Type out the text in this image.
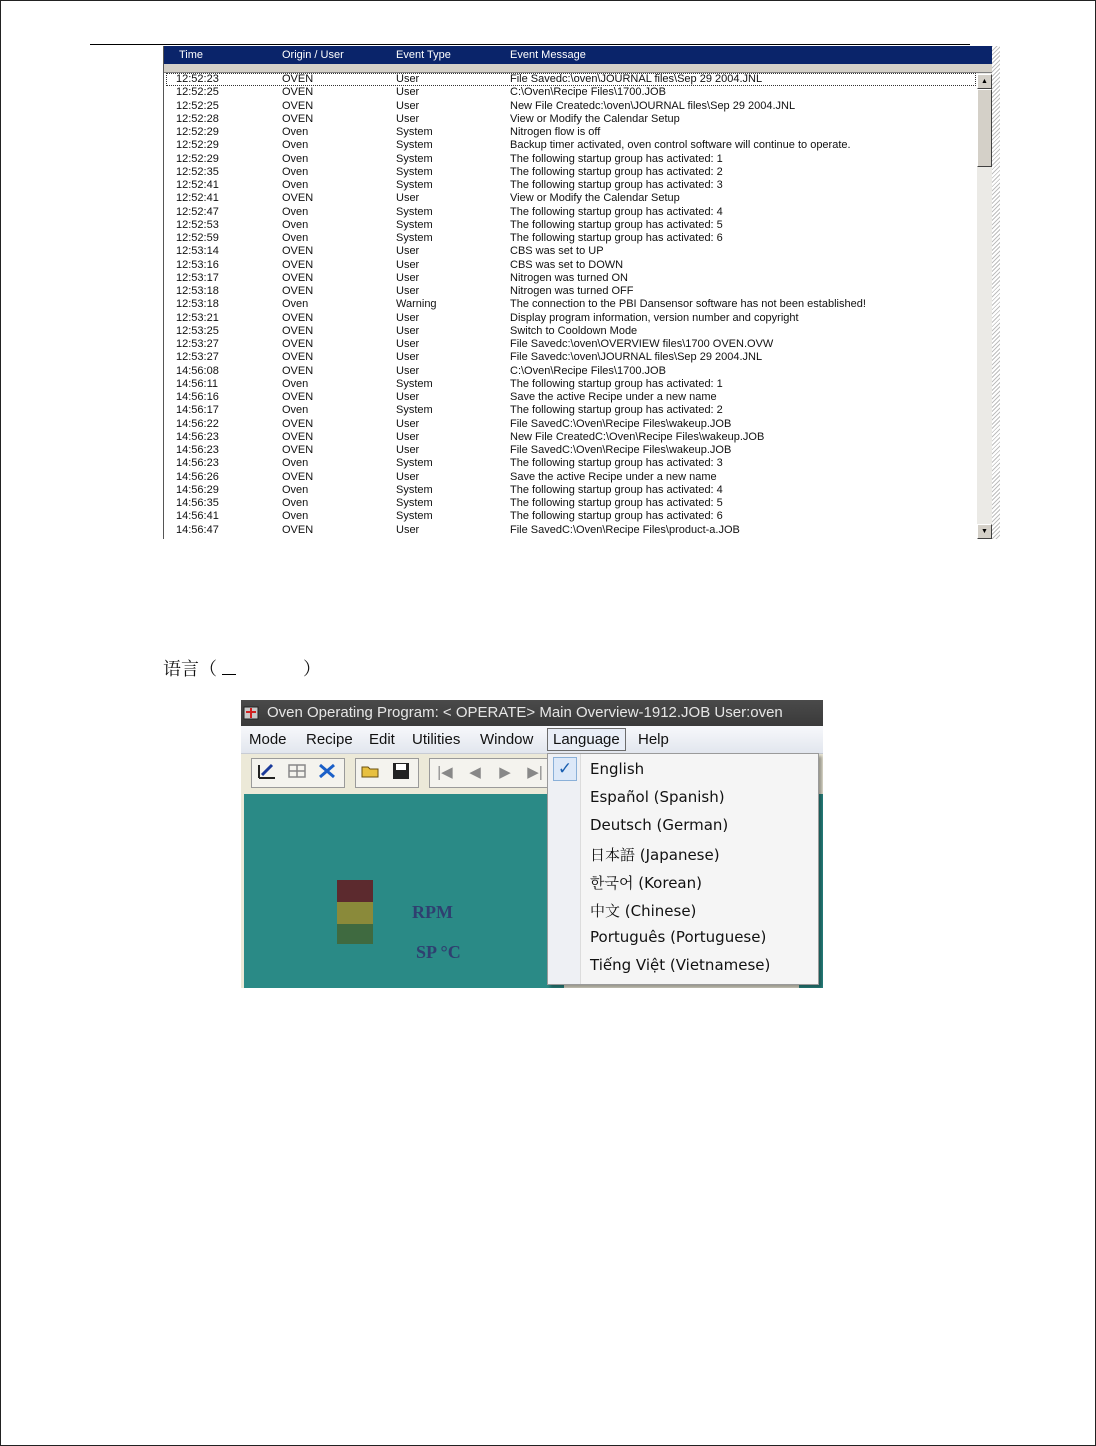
Time	Origin / User	Event Type	Event Message
12:52:23	OVEN	User	File Savedc:\oven\JOURNAL files\Sep 29 2004.JNL
12:52:25	OVEN	User	C:\Oven\Recipe Files\1700.JOB
12:52:25	OVEN	User	New File Createdc:\oven\JOURNAL files\Sep 29 2004.JNL
12:52:28	OVEN	User	View or Modify the Calendar Setup
12:52:29	Oven	System	Nitrogen flow is off
12:52:29	Oven	System	Backup timer activated, oven control software will continue to operate.
12:52:29	Oven	System	The following startup group has activated: 1
12:52:35	Oven	System	The following startup group has activated: 2
12:52:41	Oven	System	The following startup group has activated: 3
12:52:41	OVEN	User	View or Modify the Calendar Setup
12:52:47	Oven	System	The following startup group has activated: 4
12:52:53	Oven	System	The following startup group has activated: 5
12:52:59	Oven	System	The following startup group has activated: 6
12:53:14	OVEN	User	CBS was set to UP
12:53:16	OVEN	User	CBS was set to DOWN
12:53:17	OVEN	User	Nitrogen was turned ON
12:53:18	OVEN	User	Nitrogen was turned OFF
12:53:18	Oven	Warning	The connection to the PBI Dansensor software has not been established!
12:53:21	OVEN	User	Display program information, version number and copyright
12:53:25	OVEN	User	Switch to Cooldown Mode
12:53:27	OVEN	User	File Savedc:\oven\OVERVIEW files\1700 OVEN.OVW
12:53:27	OVEN	User	File Savedc:\oven\JOURNAL files\Sep 29 2004.JNL
14:56:08	OVEN	User	C:\Oven\Recipe Files\1700.JOB
14:56:11	Oven	System	The following startup group has activated: 1
14:56:16	OVEN	User	Save the active Recipe under a new name
14:56:17	Oven	System	The following startup group has activated: 2
14:56:22	OVEN	User	File SavedC:\Oven\Recipe Files\wakeup.JOB
14:56:23	OVEN	User	New File CreatedC:\Oven\Recipe Files\wakeup.JOB
14:56:23	OVEN	User	File SavedC:\Oven\Recipe Files\wakeup.JOB
14:56:23	Oven	System	The following startup group has activated: 3
14:56:26	OVEN	User	Save the active Recipe under a new name
14:56:29	Oven	System	The following startup group has activated: 4
14:56:35	Oven	System	The following startup group has activated: 5
14:56:41	Oven	System	The following startup group has activated: 6
14:56:47	OVEN	User	File SavedC:\Oven\Recipe Files\product-a.JOB
▲
▼
语言（	）
Oven Operating Program: < OPERATE> Main Overview-1912.JOB User:oven
Mode Recipe Edit Utilities Window	Language	Help
|◀	◀	▶	▶|
RPM
SP °C
✓	English
Español (Spanish)
Deutsch (German)
日本語 (Japanese)
한국어 (Korean)
中文 (Chinese)
Português (Portuguese)
Tiếng Việt (Vietnamese)
